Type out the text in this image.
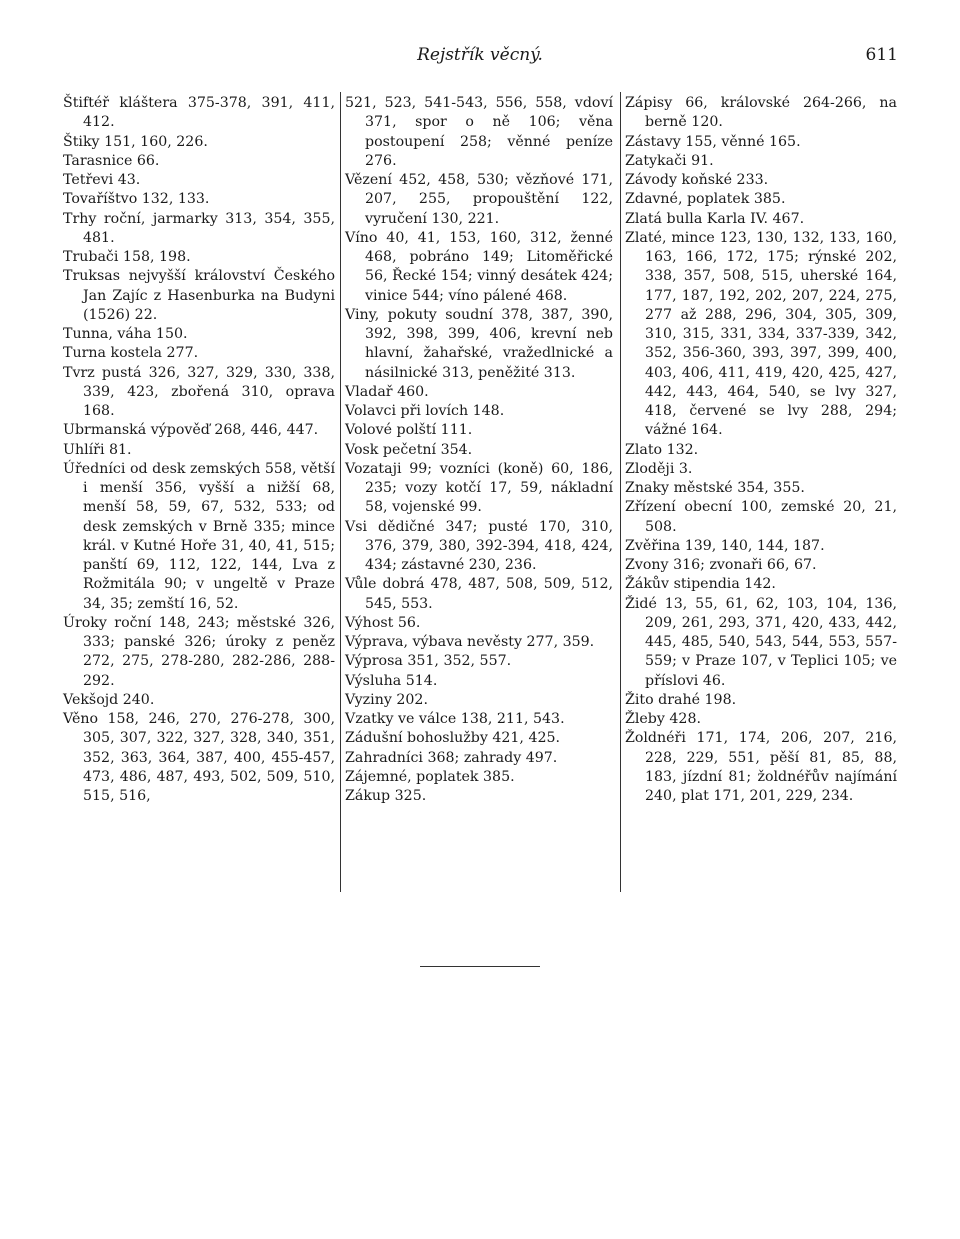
Rejstřík věcný.	611
Štiftéř kláštera 375-378, 391, 411, 412.
Štiky 151, 160, 226.
Tarasnice 66.
Tetřevi 43.
Tovaříštvo 132, 133.
Trhy roční, jarmarky 313, 354, 355, 481.
Trubači 158, 198.
Truksas nejvyšší království Českého Jan Zajíc z Hasenburka na Budyni (1526) 22.
Tunna, váha 150.
Turna kostela 277.
Tvrz pustá 326, 327, 329, 330, 338, 339, 423, zbořená 310, oprava 168.
Ubrmanská výpověď 268, 446, 447.
Uhlíři 81.
Úředníci od desk zemských 558, větší i menší 356, vyšší a nižší 68, menší 58, 59, 67, 532, 533; od desk zemských v Brně 335; mince král. v Kutné Hoře 31, 40, 41, 515; panští 69, 112, 122, 144, Lva z Rožmitála 90; v ungeltě v Praze 34, 35; zemští 16, 52.
Úroky roční 148, 243; městské 326, 333; panské 326; úroky z peněz 272, 275, 278-280, 282-286, 288-292.
Vekšojd 240.
Věno 158, 246, 270, 276-278, 300, 305, 307, 322, 327, 328, 340, 351, 352, 363, 364, 387, 400, 455-457, 473, 486, 487, 493, 502, 509, 510, 515, 516,
521, 523, 541-543, 556, 558, vdoví 371, spor o ně 106; věna postoupení 258; věnné peníze 276.
Vězení 452, 458, 530; vězňové 171, 207, 255, propouštění 122, vyručení 130, 221.
Víno 40, 41, 153, 160, 312, žеnné 468, pobráno 149; Litoměřické 56, Řecké 154; vinný desátek 424; vinice 544; víno pálené 468.
Viny, pokuty soudní 378, 387, 390, 392, 398, 399, 406, krevní neb hlavní, žahařské, vražedlnické a násilnické 313, peněžité 313.
Vladař 460.
Volavci při lovích 148.
Volové polští 111.
Vosk pečetní 354.
Vozataji 99; vozníci (koně) 60, 186, 235; vozy kotčí 17, 59, nákladní 58, vojenské 99.
Vsi dědičné 347; pusté 170, 310, 376, 379, 380, 392-394, 418, 424, 434; zástavné 230, 236.
Vůle dobrá 478, 487, 508, 509, 512, 545, 553.
Výhost 56.
Výprava, výbava nevěsty 277, 359.
Výprosa 351, 352, 557.
Výsluha 514.
Vyziny 202.
Vzatky ve válce 138, 211, 543.
Zádušní bohoslužby 421, 425.
Zahradníci 368; zahrady 497.
Zájemné, poplatek 385.
Zákup 325.
Zápisy 66, královské 264-266, na berně 120.
Zástavy 155, věnné 165.
Zatykači 91.
Závody koňské 233.
Zdavné, poplatek 385.
Zlatá bulla Karla IV. 467.
Zlaté, mince 123, 130, 132, 133, 160, 163, 166, 172, 175; rýnské 202, 338, 357, 508, 515, uherské 164, 177, 187, 192, 202, 207, 224, 275, 277 až 288, 296, 304, 305, 309, 310, 315, 331, 334, 337-339, 342, 352, 356-360, 393, 397, 399, 400, 403, 406, 411, 419, 420, 425, 427, 442, 443, 464, 540, se lvy 327, 418, červené se lvy 288, 294; vážné 164.
Zlato 132.
Zloději 3.
Znaky městské 354, 355.
Zřízení obecní 100, zemské 20, 21, 508.
Zvěřina 139, 140, 144, 187.
Zvony 316; zvonaři 66, 67.
Žákův stipendia 142.
Židé 13, 55, 61, 62, 103, 104, 136, 209, 261, 293, 371, 420, 433, 442, 445, 485, 540, 543, 544, 553, 557-559; v Praze 107, v Teplici 105; ve příslovi 46.
Žito drahé 198.
Žleby 428.
Žoldnéři 171, 174, 206, 207, 216, 228, 229, 551, pěší 81, 85, 88, 183, jízdní 81; žoldnéřův najímání 240, plat 171, 201, 229, 234.
